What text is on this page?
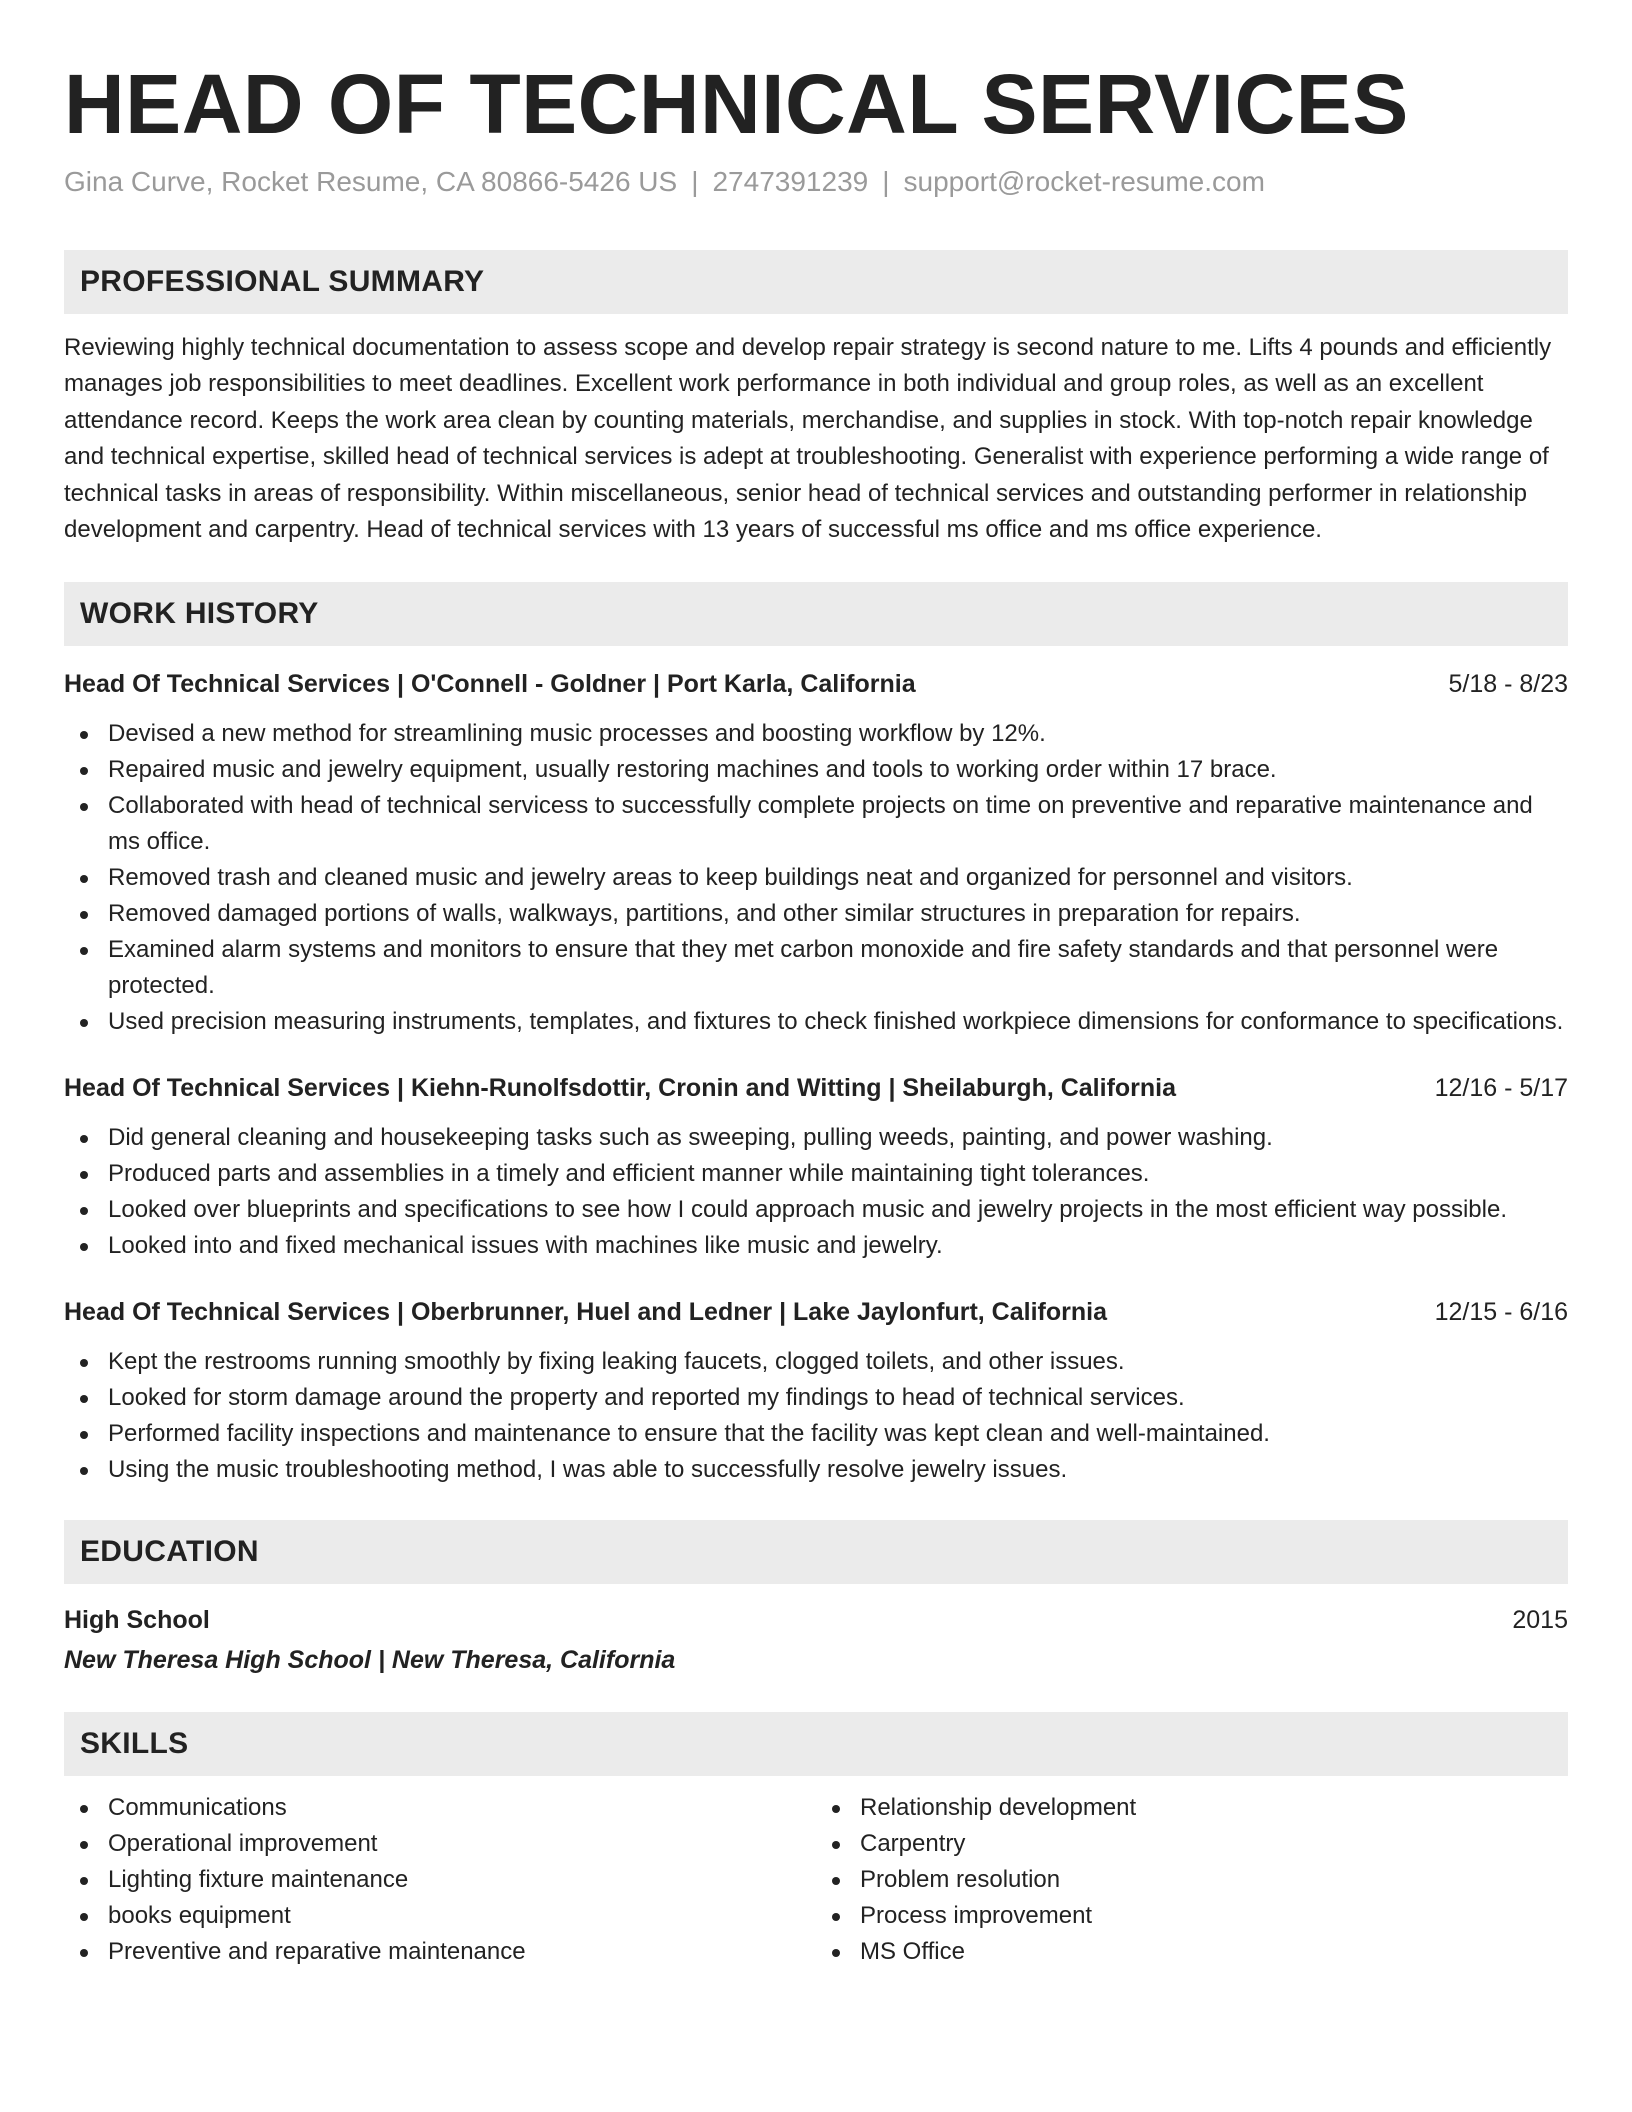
HEAD OF TECHNICAL SERVICES
Gina Curve, Rocket Resume, CA 80866-5426 US | 2747391239 | support@rocket-resume.com
PROFESSIONAL SUMMARY

Reviewing highly technical documentation to assess scope and develop repair strategy is second nature to me. Lifts 4 pounds and efficiently manages job responsibilities to meet deadlines. Excellent work performance in both individual and group roles, as well as an excellent attendance record. Keeps the work area clean by counting materials, merchandise, and supplies in stock. With top-notch repair knowledge and technical expertise, skilled head of technical services is adept at troubleshooting. Generalist with experience performing a wide range of technical tasks in areas of responsibility. Within miscellaneous, senior head of technical services and outstanding performer in relationship development and carpentry. Head of technical services with 13 years of successful ms office and ms office experience.

WORK HISTORY
Head Of Technical Services | O'Connell - Goldner | Port Karla, California	5/18 - 8/23
Devised a new method for streamlining music processes and boosting workflow by 12%.
Repaired music and jewelry equipment, usually restoring machines and tools to working order within 17 brace.
Collaborated with head of technical servicess to successfully complete projects on time on preventive and reparative maintenance and ms office.
Removed trash and cleaned music and jewelry areas to keep buildings neat and organized for personnel and visitors.
Removed damaged portions of walls, walkways, partitions, and other similar structures in preparation for repairs.
Examined alarm systems and monitors to ensure that they met carbon monoxide and fire safety standards and that personnel were protected.
Used precision measuring instruments, templates, and fixtures to check finished workpiece dimensions for conformance to specifications.
Head Of Technical Services | Kiehn-Runolfsdottir, Cronin and Witting | Sheilaburgh, California	12/16 - 5/17
Did general cleaning and housekeeping tasks such as sweeping, pulling weeds, painting, and power washing.
Produced parts and assemblies in a timely and efficient manner while maintaining tight tolerances.
Looked over blueprints and specifications to see how I could approach music and jewelry projects in the most efficient way possible.
Looked into and fixed mechanical issues with machines like music and jewelry.
Head Of Technical Services | Oberbrunner, Huel and Ledner | Lake Jaylonfurt, California	12/15 - 6/16
Kept the restrooms running smoothly by fixing leaking faucets, clogged toilets, and other issues.
Looked for storm damage around the property and reported my findings to head of technical services.
Performed facility inspections and maintenance to ensure that the facility was kept clean and well-maintained.
Using the music troubleshooting method, I was able to successfully resolve jewelry issues.
EDUCATION
High School	2015
New Theresa High School | New Theresa, California
SKILLS
Communications
Operational improvement
Lighting fixture maintenance
books equipment
Preventive and reparative maintenance
Relationship development
Carpentry
Problem resolution
Process improvement
MS Office
